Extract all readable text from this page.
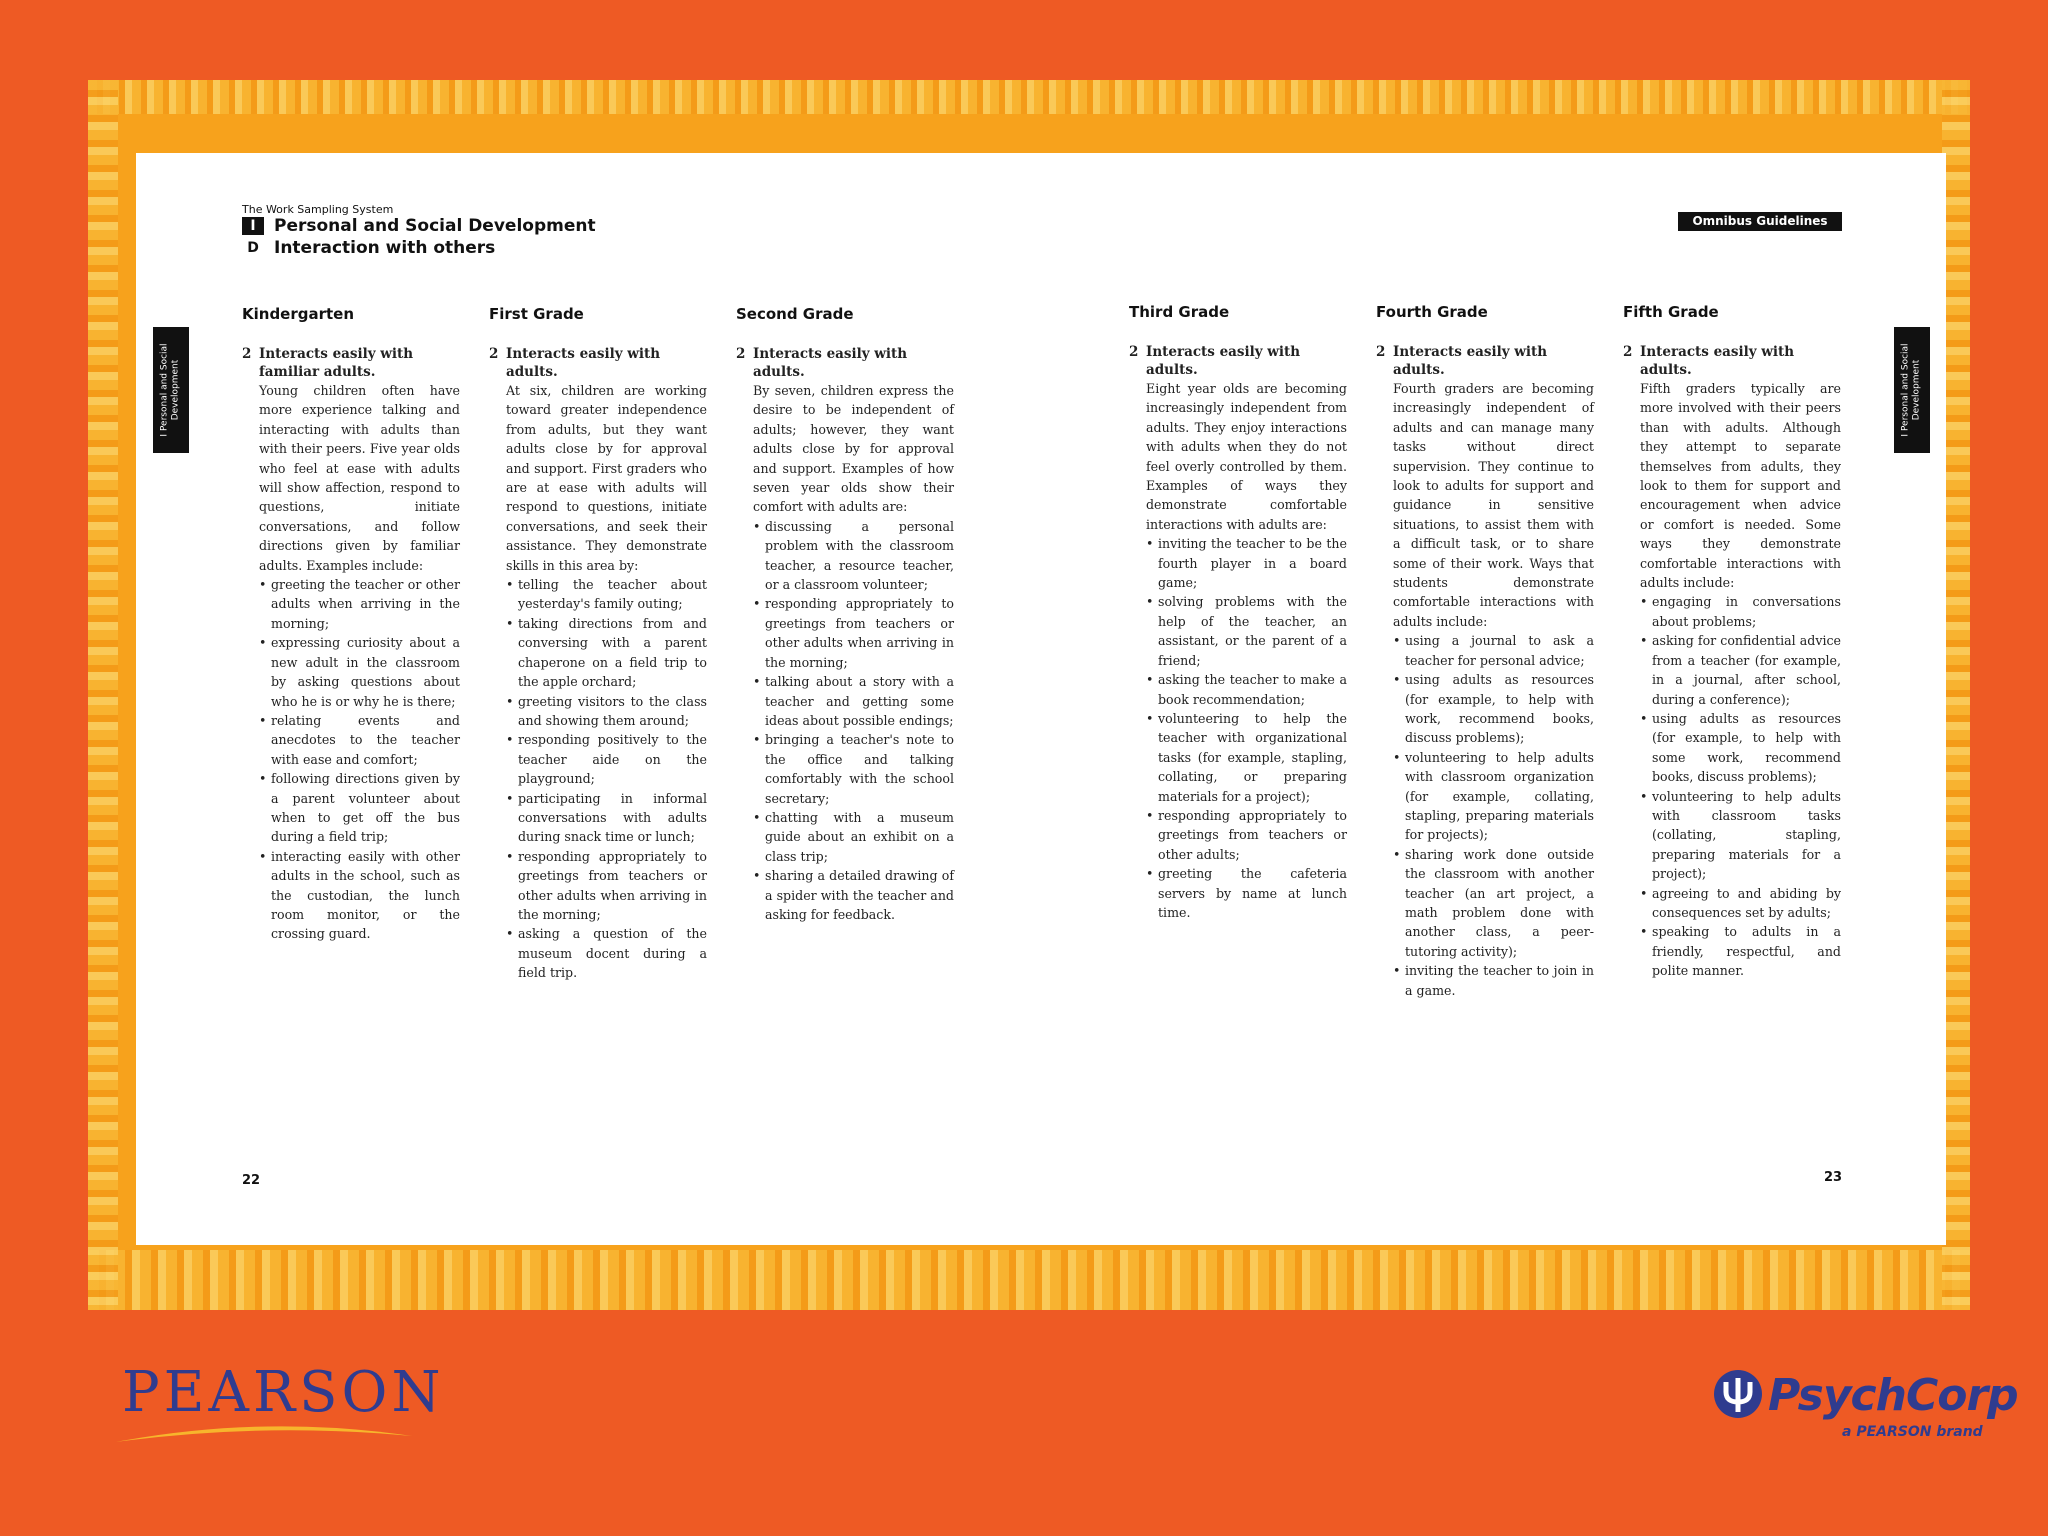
The Work Sampling System
I	Personal and Social Development
D Interaction with others
Omnibus Guidelines
I Personal and Social
Development	I Personal and Social
Development
Kindergarten
2 Interacts easily with familiar adults.

Young children often have more experience talking and interacting with adults than with their peers. Five year olds who feel at ease with adults will show affection, respond to questions, initiate conversations, and follow directions given by familiar adults. Examples include:

• greeting the teacher or other adults when arriving in the morning;
• expressing curiosity about a new adult in the classroom by asking questions about who he is or why he is there;
• relating events and anecdotes to the teacher with ease and comfort;
• following directions given by a parent volunteer about when to get off the bus during a field trip;
• interacting easily with other adults in the school, such as the custodian, the lunch room monitor, or the crossing guard.
First Grade
2 Interacts easily with adults.

At six, children are working toward greater independence from adults, but they want adults close by for approval and support. First graders who are at ease with adults will respond to questions, initiate conversations, and seek their assistance. They demonstrate skills in this area by:

• telling the teacher about yesterday's family outing;
• taking directions from and conversing with a parent chaperone on a field trip to the apple orchard;
• greeting visitors to the class and showing them around;
• responding positively to the teacher aide on the playground;
• participating in informal conversations with adults during snack time or lunch;
• responding appropriately to greetings from teachers or other adults when arriving in the morning;
• asking a question of the museum docent during a field trip.
Second Grade
2 Interacts easily with adults.

By seven, children express the desire to be independent of adults; however, they want adults close by for approval and support. Examples of how seven year olds show their comfort with adults are:

• discussing a personal problem with the classroom teacher, a resource teacher, or a classroom volunteer;
• responding appropriately to greetings from teachers or other adults when arriving in the morning;
• talking about a story with a teacher and getting some ideas about possible endings;
• bringing a teacher's note to the office and talking comfortably with the school secretary;
• chatting with a museum guide about an exhibit on a class trip;
• sharing a detailed drawing of a spider with the teacher and asking for feedback.
Third Grade
2 Interacts easily with adults.

Eight year olds are becoming increasingly independent from adults. They enjoy interactions with adults when they do not feel overly controlled by them. Examples of ways they demonstrate comfortable interactions with adults are:

• inviting the teacher to be the fourth player in a board game;
• solving problems with the help of the teacher, an assistant, or the parent of a friend;
• asking the teacher to make a book recommendation;
• volunteering to help the teacher with organizational tasks (for example, stapling, collating, or preparing materials for a project);
• responding appropriately to greetings from teachers or other adults;
• greeting the cafeteria servers by name at lunch time.
Fourth Grade
2 Interacts easily with adults.

Fourth graders are becoming increasingly independent of adults and can manage many tasks without direct supervision. They continue to look to adults for support and guidance in sensitive situations, to assist them with a difficult task, or to share some of their work. Ways that students demonstrate comfortable interactions with adults include:

• using a journal to ask a teacher for personal advice;
• using adults as resources (for example, to help with work, recommend books, discuss problems);
• volunteering to help adults with classroom organization (for example, collating, stapling, preparing materials for projects);
• sharing work done outside the classroom with another teacher (an art project, a math problem done with another class, a peer-tutoring activity);
• inviting the teacher to join in a game.
Fifth Grade
2 Interacts easily with adults.

Fifth graders typically are more involved with their peers than with adults. Although they attempt to separate themselves from adults, they look to them for support and encouragement when advice or comfort is needed. Some ways they demonstrate comfortable interactions with adults include:

• engaging in conversations about problems;
• asking for confidential advice from a teacher (for example, in a journal, after school, during a conference);
• using adults as resources (for example, to help with some work, recommend books, discuss problems);
• volunteering to help adults with classroom tasks (collating, stapling, preparing materials for a project);
• agreeing to and abiding by consequences set by adults;
• speaking to adults in a friendly, respectful, and polite manner.
22	23
PEARSON	PsychCorp
a PEARSON brand
